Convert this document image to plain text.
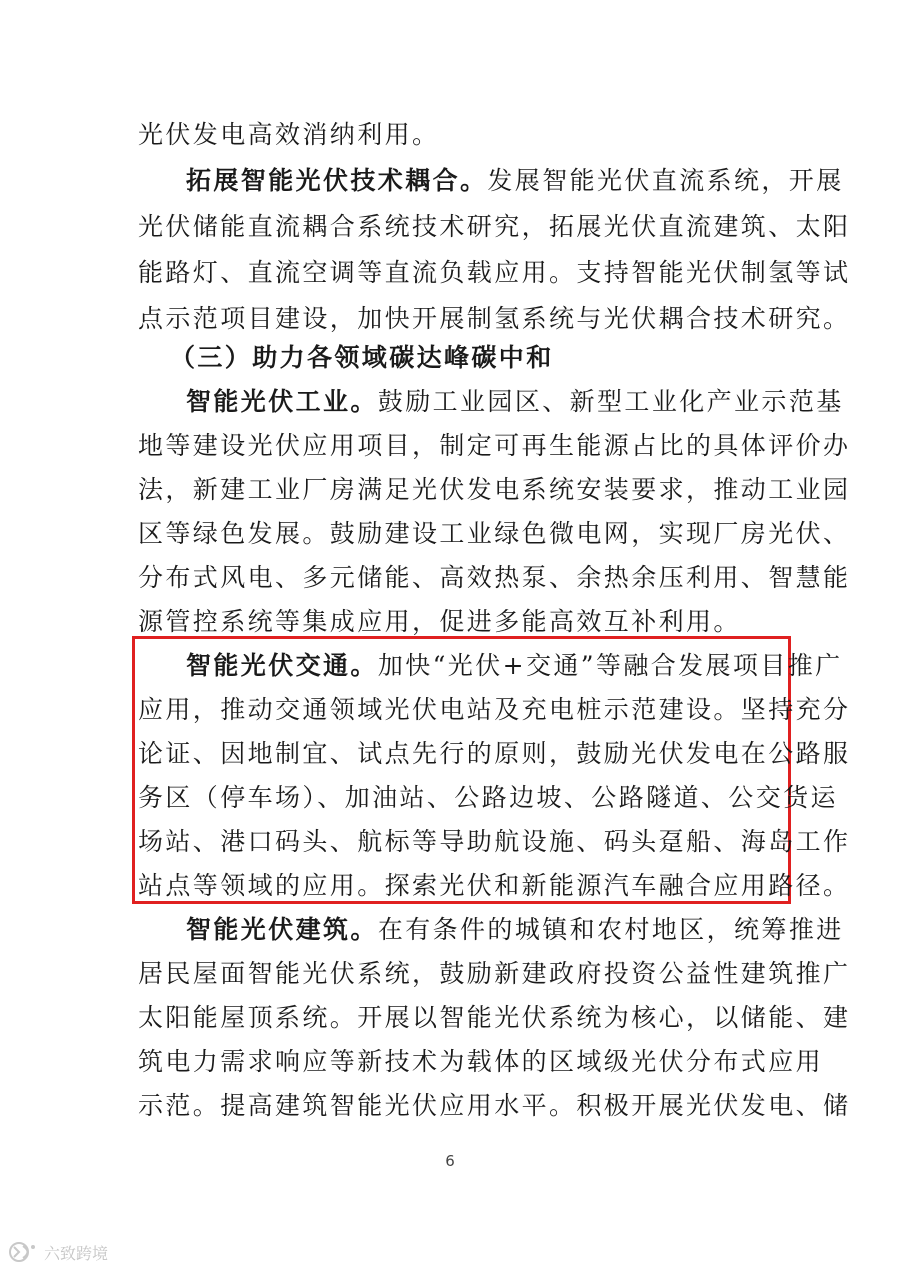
光伏发电高效消纳利用。
拓展智能光伏技术耦合。发展智能光伏直流系统，开展
光伏储能直流耦合系统技术研究，拓展光伏直流建筑、太阳
能路灯、直流空调等直流负载应用。支持智能光伏制氢等试
点示范项目建设，加快开展制氢系统与光伏耦合技术研究。
（三）助力各领域碳达峰碳中和
智能光伏工业。鼓励工业园区、新型工业化产业示范基
地等建设光伏应用项目，制定可再生能源占比的具体评价办
法，新建工业厂房满足光伏发电系统安装要求，推动工业园
区等绿色发展。鼓励建设工业绿色微电网，实现厂房光伏、
分布式风电、多元储能、高效热泵、余热余压利用、智慧能
源管控系统等集成应用，促进多能高效互补利用。
智能光伏交通。加快“光伏+交通”等融合发展项目推广
应用，推动交通领域光伏电站及充电桩示范建设。坚持充分
论证、因地制宜、试点先行的原则，鼓励光伏发电在公路服
务区（停车场）、加油站、公路边坡、公路隧道、公交货运
场站、港口码头、航标等导助航设施、码头趸船、海岛工作
站点等领域的应用。探索光伏和新能源汽车融合应用路径。
智能光伏建筑。在有条件的城镇和农村地区，统筹推进
居民屋面智能光伏系统，鼓励新建政府投资公益性建筑推广
太阳能屋顶系统。开展以智能光伏系统为核心，以储能、建
筑电力需求响应等新技术为载体的区域级光伏分布式应用
示范。提高建筑智能光伏应用水平。积极开展光伏发电、储
6
六致跨境
